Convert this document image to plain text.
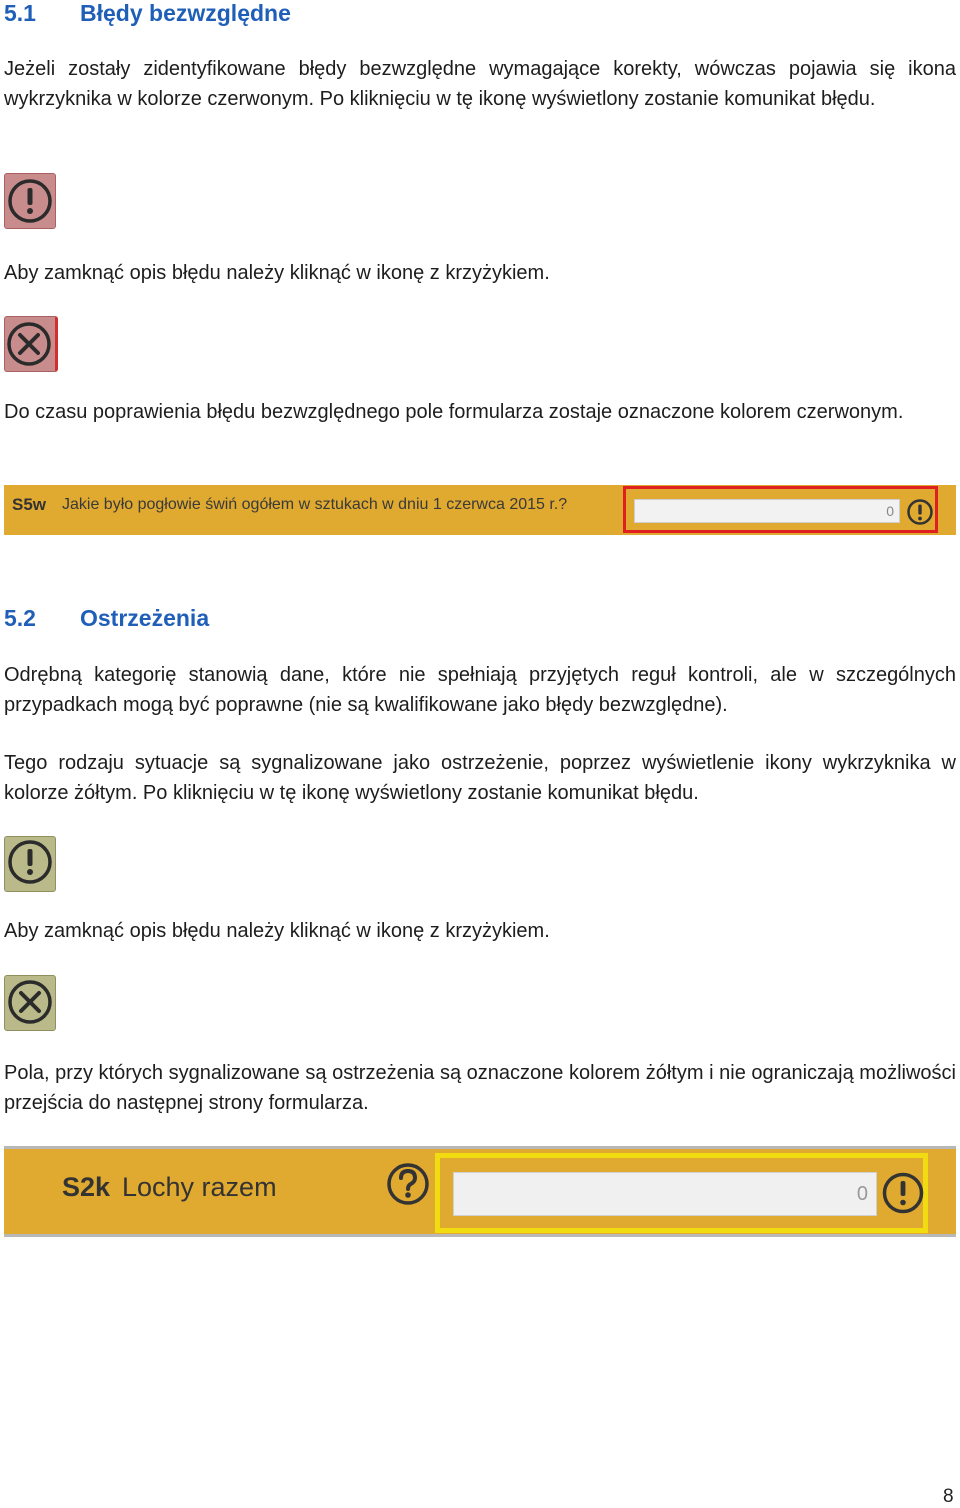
5.1 Błędy bezwzględne
Jeżeli zostały zidentyfikowane błędy bezwzględne wymagające korekty, wówczas pojawia się ikona wykrzyknika w kolorze czerwonym. Po kliknięciu w tę ikonę wyświetlony zostanie komunikat błędu.
Aby zamknąć opis błędu należy kliknąć w ikonę z krzyżykiem.
Do czasu poprawienia błędu bezwzględnego pole formularza zostaje oznaczone kolorem czerwonym.
S5w Jakie było pogłowie świń ogółem w sztukach w dniu 1 czerwca 2015 r.?	0
5.2 Ostrzeżenia
Odrębną kategorię stanowią dane, które nie spełniają przyjętych reguł kontroli, ale w szczególnych przypadkach mogą być poprawne (nie są kwalifikowane jako błędy bezwzględne).
Tego rodzaju sytuacje są sygnalizowane jako ostrzeżenie, poprzez wyświetlenie ikony wykrzyknika w kolorze żółtym. Po kliknięciu w tę ikonę wyświetlony zostanie komunikat błędu.
Aby zamknąć opis błędu należy kliknąć w ikonę z krzyżykiem.
Pola, przy których sygnalizowane są ostrzeżenia są oznaczone kolorem żółtym i nie ograniczają możliwości przejścia do następnej strony formularza.
S2k Lochy razem	0
8
